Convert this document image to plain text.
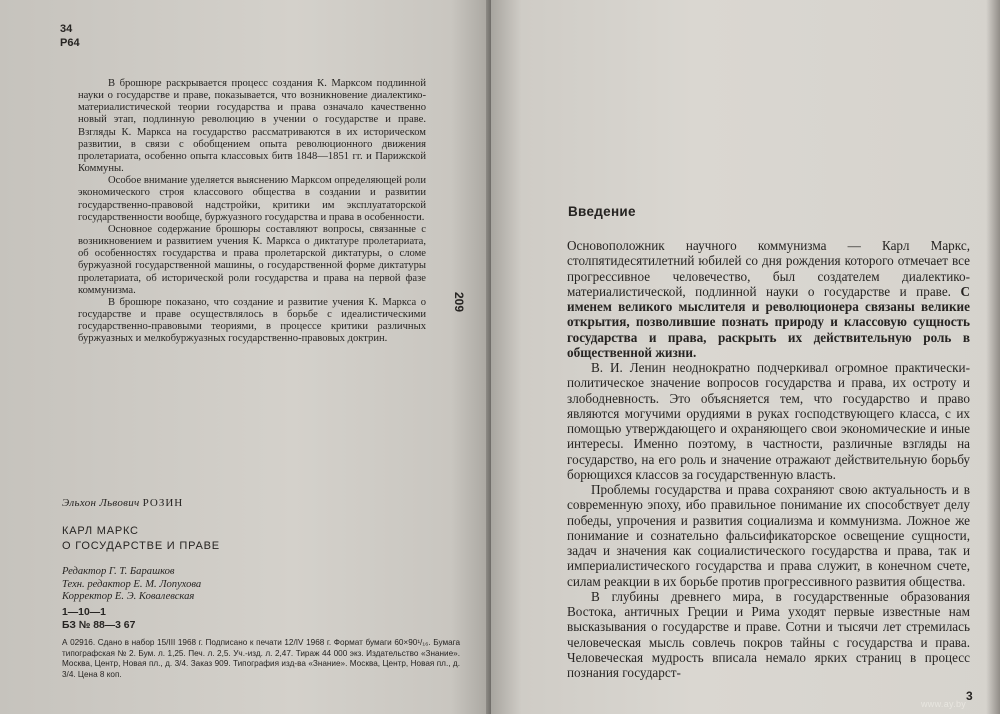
34
Р64

В брошюре раскрывается процесс создания К. Марксом подлинной науки о государстве и праве, показывается, что возникновение диалектико-материалистической теории государства и права означало качественно новый этап, подлинную революцию в учении о государстве и праве. Взгляды К. Маркса на государство рассматриваются в их историческом развитии, в связи с обобщением опыта революционного движения пролетариата, особенно опыта классовых битв 1848—1851 гг. и Парижской Коммуны.

Особое внимание уделяется выяснению Марксом определяющей роли экономического строя классового общества в создании и развитии государственно-правовой надстройки, критики им эксплуататорской государственности вообще, буржуазного государства и права в особенности.

Основное содержание брошюры составляют вопросы, связанные с возникновением и развитием учения К. Маркса о диктатуре пролетариата, об особенностях государства и права пролетарской диктатуры, о сломе буржуазной государственной машины, о государственной форме диктатуры пролетариата, об исторической роли государства и права на первой фазе коммунизма.

В брошюре показано, что создание и развитие учения К. Маркса о государстве и праве осуществлялось в борьбе с идеалистическими государственно-правовыми теориями, в процессе критики различных буржуазных и мелкобуржуазных государственно-правовых доктрин.

Эльхон Львович РОЗИН
КАРЛ МАРКС
О ГОСУДАРСТВЕ И ПРАВЕ
Редактор Г. Т. Барашков
Техн. редактор Е. М. Лопухова
Корректор Е. Э. Ковалевская
1—10—1
БЗ № 88—3 67
А 02916. Сдано в набор 15/III 1968 г. Подписано к печати 12/IV 1968 г. Формат бумаги 60×90¹/₁₆. Бумага типографская № 2. Бум. л. 1,25. Печ. л. 2,5. Уч.-изд. л. 2,47. Тираж 44 000 экз. Издательство «Знание». Москва, Центр, Новая пл., д. 3/4. Заказ 909. Типография изд-ва «Знание». Москва, Центр, Новая пл., д. 3/4. Цена 8 коп.
209
Введение

Основоположник научного коммунизма — Карл Маркс, столпятидесятилетний юбилей со дня рождения которого отмечает все прогрессивное человечество, был создателем диалектико-материалистической, подлинной науки о государстве и праве. С именем великого мыслителя и революционера связаны великие открытия, позволившие познать природу и классовую сущность государства и права, раскрыть их действительную роль в общественной жизни.

В. И. Ленин неоднократно подчеркивал огромное практически-политическое значение вопросов государства и права, их остроту и злободневность. Это объясняется тем, что государство и право являются могучими орудиями в руках господствующего класса, с их помощью утверждающего и охраняющего свои экономические и иные интересы. Именно поэтому, в частности, различные взгляды на государство, на его роль и значение отражают действительную борьбу борющихся классов за государственную власть.

Проблемы государства и права сохраняют свою актуальность и в современную эпоху, ибо правильное понимание их способствует делу победы, упрочения и развития социализма и коммунизма. Ложное же понимание и сознательно фальсификаторское освещение сущности, задач и значения как социалистического государства и права, так и империалистического государства и права служит, в конечном счете, силам реакции в их борьбе против прогрессивного развития общества.

В глубины древнего мира, в государственные образования Востока, античных Греции и Рима уходят первые известные нам высказывания о государстве и праве. Сотни и тысячи лет стремилась человеческая мысль совлечь покров тайны с государства и права. Человеческая мудрость вписала немало ярких страниц в процесс познания государст-

3
www.ay.by
